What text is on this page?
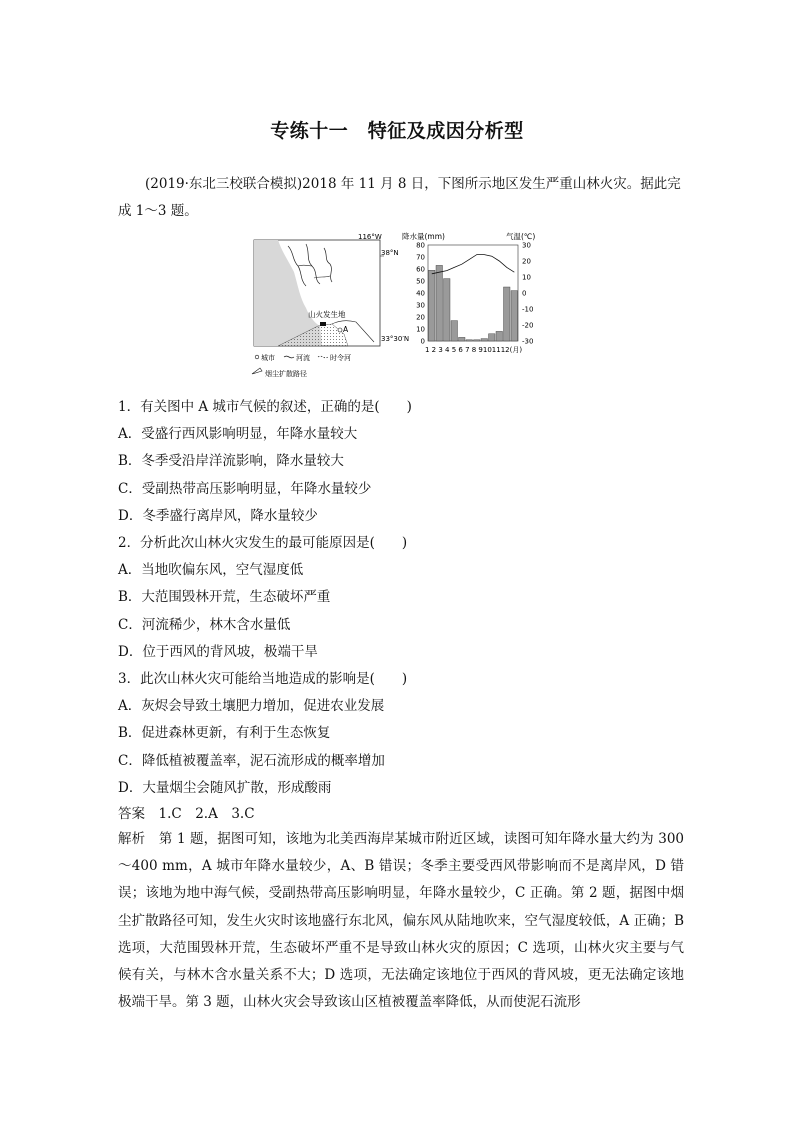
专练十一　特征及成因分析型

(2019·东北三校联合模拟)2018 年 11 月 8 日，下图所示地区发生严重山林火灾。据此完成 1～3 题。

山火发生地
A
116°W
38°N
33°30′N
城市	河流	时令河
烟尘扩散路径
降水量(mm)	气温(℃)
80
70
60
50
40
30
20
10
0
30
20
10
0
-10
-20
-30
1 2 3 4 5 6 7 8 9101112(月)
1．有关图中 A 城市气候的叙述，正确的是(　　)
A．受盛行西风影响明显，年降水量较大
B．冬季受沿岸洋流影响，降水量较大
C．受副热带高压影响明显，年降水量较少
D．冬季盛行离岸风，降水量较少
2．分析此次山林火灾发生的最可能原因是(　　)
A．当地吹偏东风，空气湿度低
B．大范围毁林开荒，生态破坏严重
C．河流稀少，林木含水量低
D．位于西风的背风坡，极端干旱
3．此次山林火灾可能给当地造成的影响是(　　)
A．灰烬会导致土壤肥力增加，促进农业发展
B．促进森林更新，有利于生态恢复
C．降低植被覆盖率，泥石流形成的概率增加
D．大量烟尘会随风扩散，形成酸雨
答案　1.C　2.A　3.C

解析　第 1 题，据图可知，该地为北美西海岸某城市附近区域，读图可知年降水量大约为 300～400 mm，A 城市年降水量较少，A、B 错误；冬季主要受西风带影响而不是离岸风，D 错误；该地为地中海气候，受副热带高压影响明显，年降水量较少，C 正确。第 2 题，据图中烟尘扩散路径可知，发生火灾时该地盛行东北风，偏东风从陆地吹来，空气湿度较低，A 正确；B 选项，大范围毁林开荒，生态破坏严重不是导致山林火灾的原因；C 选项，山林火灾主要与气候有关，与林木含水量关系不大；D 选项，无法确定该地位于西风的背风坡，更无法确定该地极端干旱。第 3 题，山林火灾会导致该山区植被覆盖率降低，从而使泥石流形
